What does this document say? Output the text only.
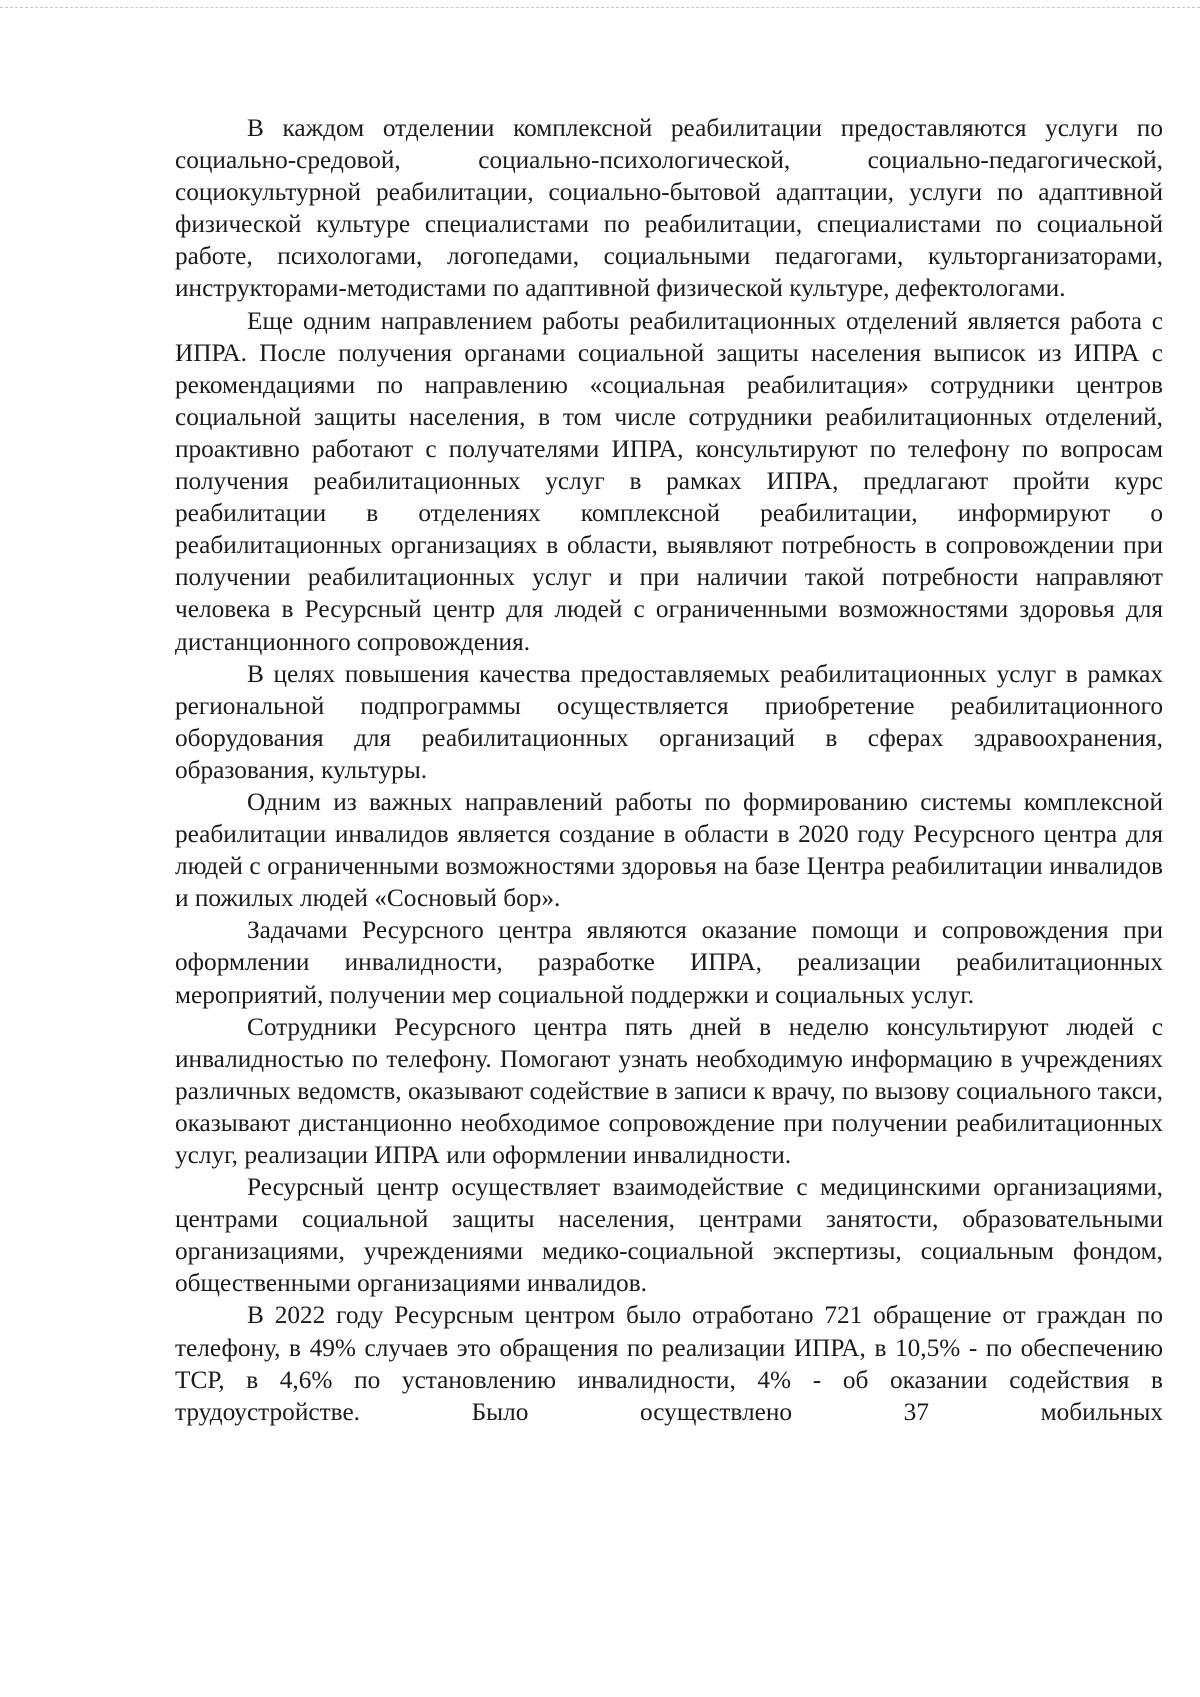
В каждом отделении комплексной реабилитации предоставляются услуги по социально-средовой, социально-психологической, социально-педагогической, социокультурной реабилитации, социально-бытовой адаптации, услуги по адаптивной физической культуре специалистами по реабилитации, специалистами по социальной работе, психологами, логопедами, социальными педагогами, культорганизаторами, инструкторами-методистами по адаптивной физической культуре, дефектологами.

Еще одним направлением работы реабилитационных отделений является работа с ИПРА. После получения органами социальной защиты населения выписок из ИПРА с рекомендациями по направлению «социальная реабилитация» сотрудники центров социальной защиты населения, в том числе сотрудники реабилитационных отделений, проактивно работают с получателями ИПРА, консультируют по телефону по вопросам получения реабилитационных услуг в рамках ИПРА, предлагают пройти курс реабилитации в отделениях комплексной реабилитации, информируют о реабилитационных организациях в области, выявляют потребность в сопровождении при получении реабилитационных услуг и при наличии такой потребности направляют человека в Ресурсный центр для людей с ограниченными возможностями здоровья для дистанционного сопровождения.

В целях повышения качества предоставляемых реабилитационных услуг в рамках региональной подпрограммы осуществляется приобретение реабилитационного оборудования для реабилитационных организаций в сферах здравоохранения, образования, культуры.

Одним из важных направлений работы по формированию системы комплексной реабилитации инвалидов является создание в области в 2020 году Ресурсного центра для людей с ограниченными возможностями здоровья на базе Центра реабилитации инвалидов и пожилых людей «Сосновый бор».

Задачами Ресурсного центра являются оказание помощи и сопровождения при оформлении инвалидности, разработке ИПРА, реализации реабилитационных мероприятий, получении мер социальной поддержки и социальных услуг.

Сотрудники Ресурсного центра пять дней в неделю консультируют людей с инвалидностью по телефону. Помогают узнать необходимую информацию в учреждениях различных ведомств, оказывают содействие в записи к врачу, по вызову социального такси, оказывают дистанционно необходимое сопровождение при получении реабилитационных услуг, реализации ИПРА или оформлении инвалидности.

Ресурсный центр осуществляет взаимодействие с медицинскими организациями, центрами социальной защиты населения, центрами занятости, образовательными организациями, учреждениями медико-социальной экспертизы, социальным фондом, общественными организациями инвалидов.

В 2022 году Ресурсным центром было отработано 721 обращение от граждан по телефону, в 49% случаев это обращения по реализации ИПРА, в 10,5% - по обеспечению ТСР, в 4,6% по установлению инвалидности, 4% - об оказании содействия в трудоустройстве. Было осуществлено 37 мобильных
